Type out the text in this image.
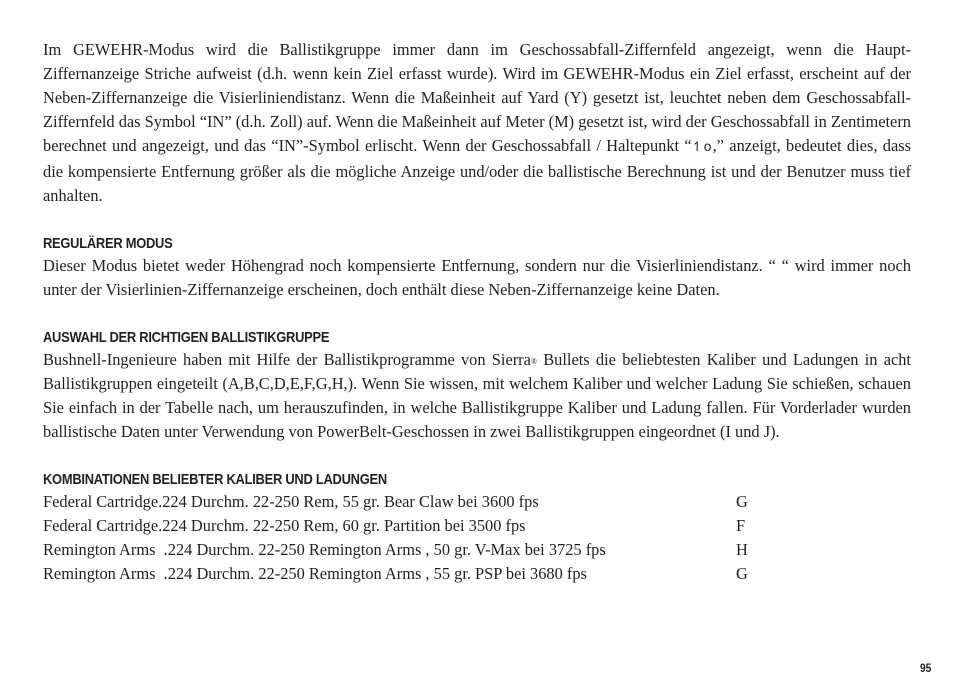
Im GEWEHR-Modus wird die Ballistikgruppe immer dann im Geschossabfall-Ziffernfeld angezeigt, wenn die Haupt-Ziffernanzeige Striche aufweist (d.h. wenn kein Ziel erfasst wurde). Wird im GEWEHR-Modus ein Ziel erfasst, erscheint auf der Neben-Ziffernanzeige die Visierliniendistanz. Wenn die Maßeinheit auf Yard (Y) gesetzt ist, leuchtet neben dem Geschossabfall-Ziffernfeld das Symbol “IN” (d.h. Zoll) auf. Wenn die Maßeinheit auf Meter (M) gesetzt ist, wird der Geschossabfall in Zentimetern berechnet und angezeigt, und das “IN”-Symbol erlischt. Wenn der Geschossabfall / Haltepunkt “↿o,” anzeigt, bedeutet dies, dass die kompensierte Entfernung größer als die mögliche Anzeige und/oder die ballistische Berechnung ist und der Benutzer muss tief anhalten.

REGULÄRER MODUS

Dieser Modus bietet weder Höhengrad noch kompensierte Entfernung, sondern nur die Visierliniendistanz. “ “ wird immer noch unter der Visierlinien-Ziffernanzeige erscheinen, doch enthält diese Neben-Ziffernanzeige keine Daten.

AUSWAHL DER RICHTIGEN BALLISTIKGRUPPE

Bushnell-Ingenieure haben mit Hilfe der Ballistikprogramme von Sierra® Bullets die beliebtesten Kaliber und Ladungen in acht Ballistikgruppen eingeteilt (A,B,C,D,E,F,G,H,). Wenn Sie wissen, mit welchem Kaliber und welcher Ladung Sie schießen, schauen Sie einfach in der Tabelle nach, um herauszufinden, in welche Ballistikgruppe Kaliber und Ladung fallen. Für Vorderlader wurden ballistische Daten unter Verwendung von PowerBelt-Geschossen in zwei Ballistikgruppen eingeordnet (I und J).

KOMBINATIONEN BELIEBTER KALIBER UND LADUNGEN

Federal Cartridge.224 Durchm. 22-250 Rem, 55 gr. Bear Claw bei 3600 fps

	G

Federal Cartridge.224 Durchm. 22-250 Rem, 60 gr. Partition bei 3500 fps

	F

Remington Arms  .224 Durchm. 22-250 Remington Arms , 50 gr. V-Max bei 3725 fps

	H

Remington Arms  .224 Durchm. 22-250 Remington Arms , 55 gr. PSP bei 3680 fps

	G

95
